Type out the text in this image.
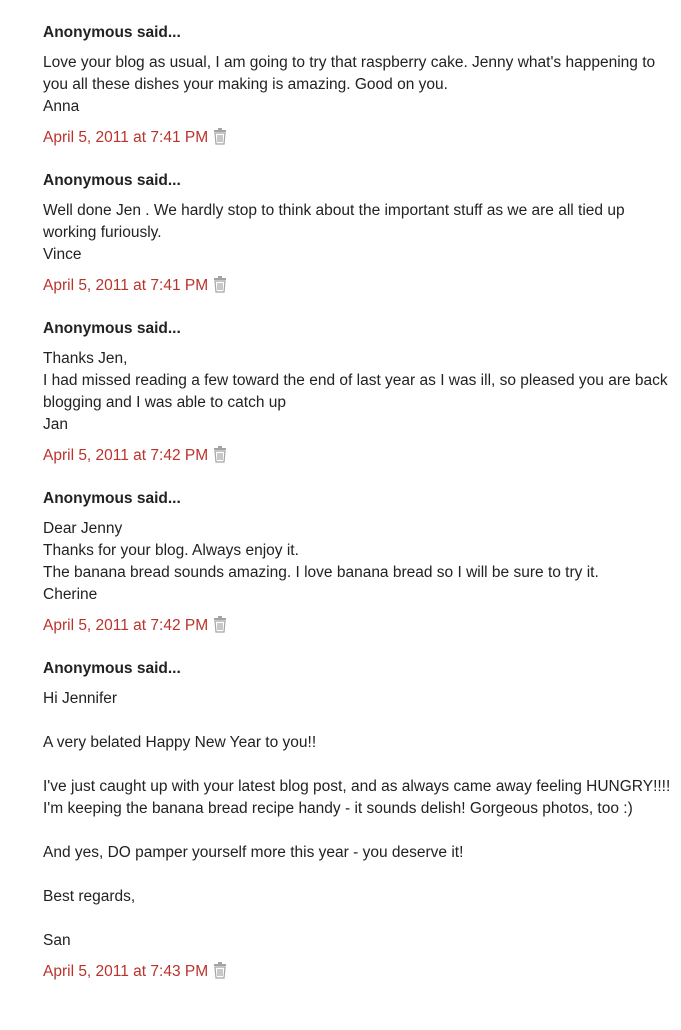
Anonymous said...
Love your blog as usual, I am going to try that raspberry cake. Jenny what's happening to you all these dishes your making is amazing. Good on you.
Anna
April 5, 2011 at 7:41 PM
Anonymous said...
Well done Jen . We hardly stop to think about the important stuff as we are all tied up working furiously.
Vince
April 5, 2011 at 7:41 PM
Anonymous said...
Thanks Jen,
I had missed reading a few toward the end of last year as I was ill, so pleased you are back blogging and I was able to catch up
Jan
April 5, 2011 at 7:42 PM
Anonymous said...
Dear Jenny
Thanks for your blog. Always enjoy it.
The banana bread sounds amazing. I love banana bread so I will be sure to try it.
Cherine
April 5, 2011 at 7:42 PM
Anonymous said...
Hi Jennifer
A very belated Happy New Year to you!!
I've just caught up with your latest blog post, and as always came away feeling HUNGRY!!!! I'm keeping the banana bread recipe handy - it sounds delish! Gorgeous photos, too :)
And yes, DO pamper yourself more this year - you deserve it!
Best regards,
San
April 5, 2011 at 7:43 PM
